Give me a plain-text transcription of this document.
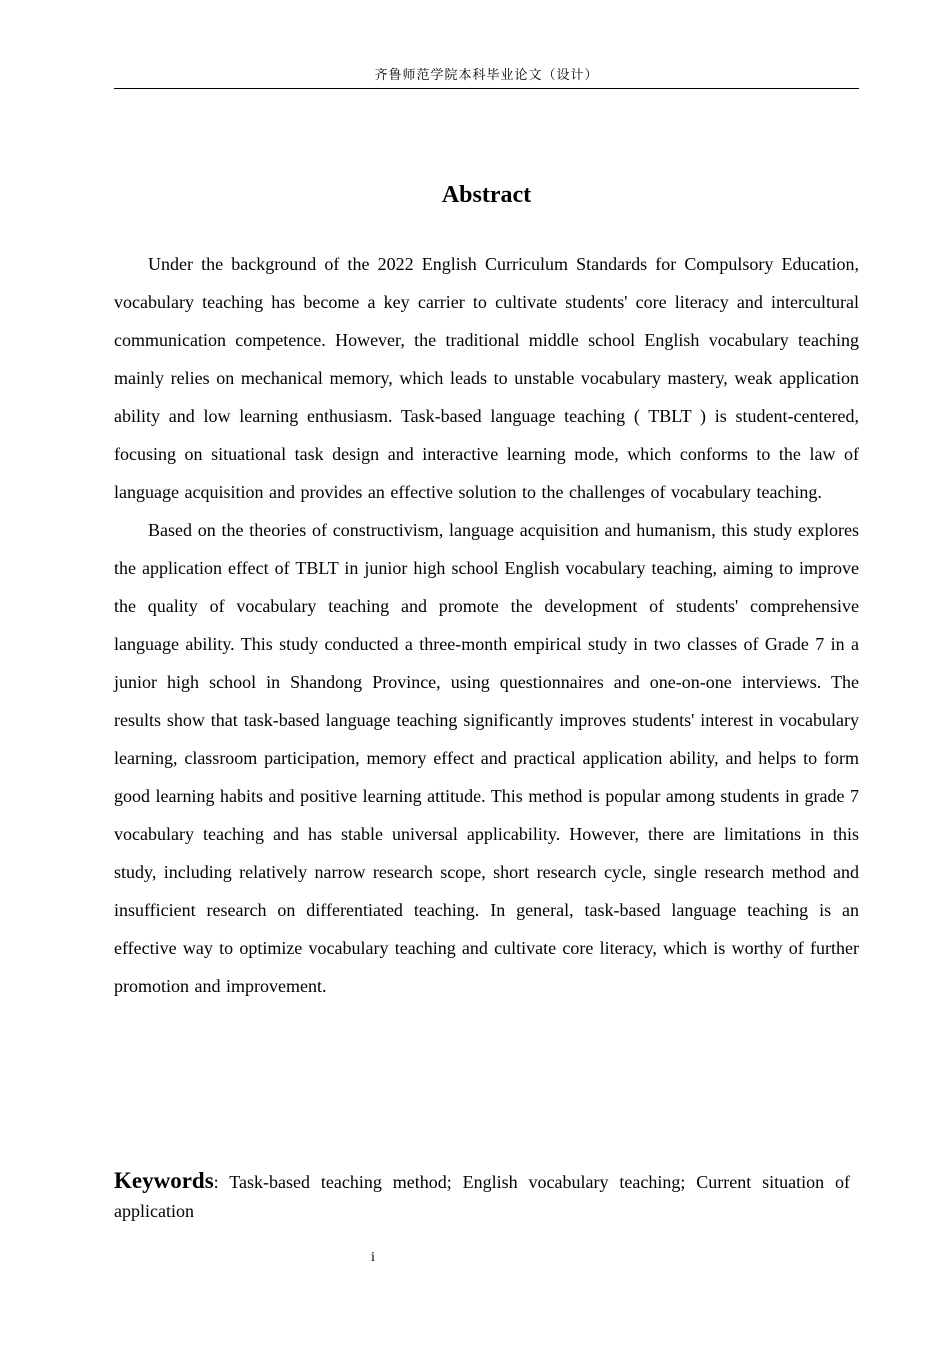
齐鲁师范学院本科毕业论文（设计）
Abstract

Under the background of the 2022 English Curriculum Standards for Compulsory Education, vocabulary teaching has become a key carrier to cultivate students' core literacy and intercultural communication competence. However, the traditional middle school English vocabulary teaching mainly relies on mechanical memory, which leads to unstable vocabulary mastery, weak application ability and low learning enthusiasm. Task-based language teaching ( TBLT ) is student-centered, focusing on situational task design and interactive learning mode, which conforms to the law of language acquisition and provides an effective solution to the challenges of vocabulary teaching.

Based on the theories of constructivism, language acquisition and humanism, this study explores the application effect of TBLT in junior high school English vocabulary teaching, aiming to improve the quality of vocabulary teaching and promote the development of students' comprehensive language ability. This study conducted a three-month empirical study in two classes of Grade 7 in a junior high school in Shandong Province, using questionnaires and one-on-one interviews. The results show that task-based language teaching significantly improves students' interest in vocabulary learning, classroom participation, memory effect and practical application ability, and helps to form good learning habits and positive learning attitude. This method is popular among students in grade 7 vocabulary teaching and has stable universal applicability. However, there are limitations in this study, including relatively narrow research scope, short research cycle, single research method and insufficient research on differentiated teaching. In general, task-based language teaching is an effective way to optimize vocabulary teaching and cultivate core literacy, which is worthy of further promotion and improvement.

Keywords: Task-based teaching method; English vocabulary teaching; Current situation of application
i
